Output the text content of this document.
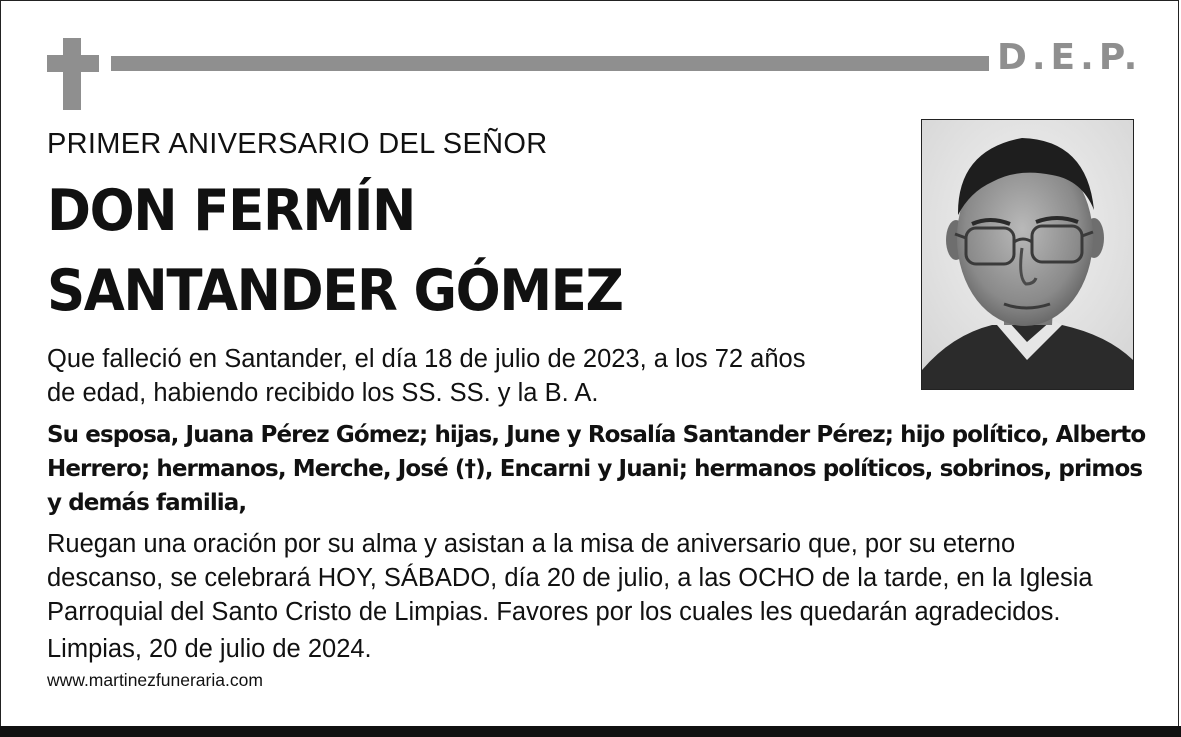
D.E.P.
PRIMER ANIVERSARIO DEL SEÑOR
DON FERMÍN
SANTANDER GÓMEZ

Que falleció en Santander, el día 18 de julio de 2023, a los 72 años
de edad, habiendo recibido los SS. SS. y la B. A.

Su esposa, Juana Pérez Gómez; hijas, June y Rosalía Santander Pérez; hijo político, Alberto
Herrero; hermanos, Merche, José (†), Encarni y Juani; hermanos políticos, sobrinos, primos
y demás familia,

Ruegan una oración por su alma y asistan a la misa de aniversario que, por su eterno
descanso, se celebrará HOY, SÁBADO, día 20 de julio, a las OCHO de la tarde, en la Iglesia
Parroquial del Santo Cristo de Limpias. Favores por los cuales les quedarán agradecidos.

Limpias, 20 de julio de 2024.

www.martinezfuneraria.com
